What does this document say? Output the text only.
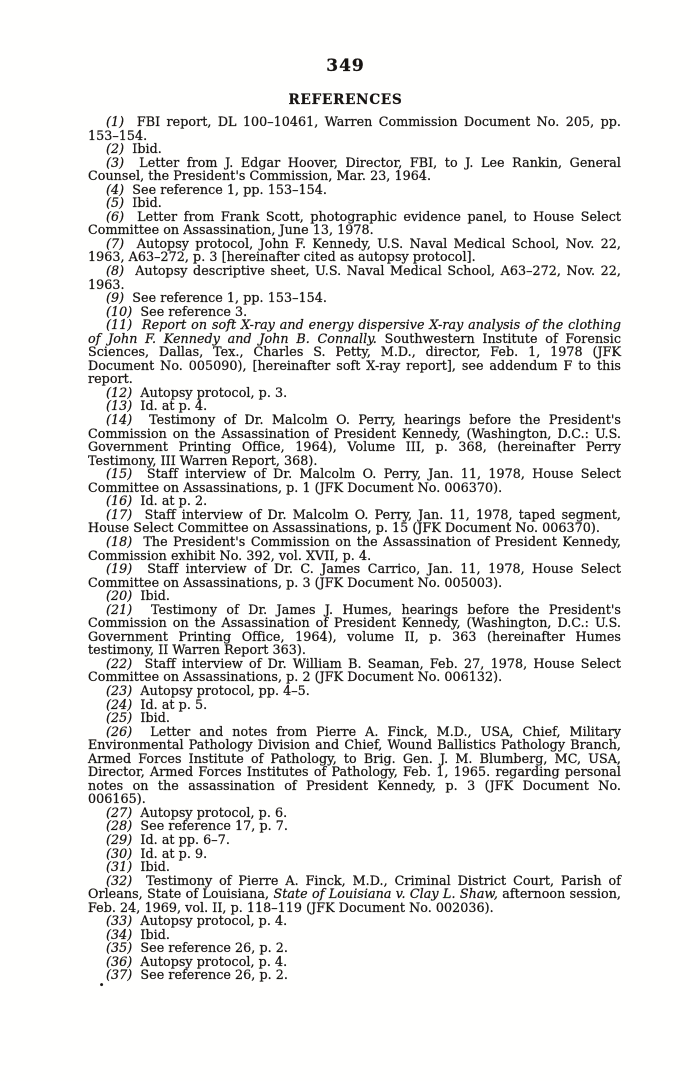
349
REFERENCES

(1) FBI report, DL 100–10461, Warren Commission Document No. 205, pp. 153–154.

(2) Ibid.

(3) Letter from J. Edgar Hoover, Director, FBI, to J. Lee Rankin, General Counsel, the President's Commission, Mar. 23, 1964.

(4) See reference 1, pp. 153–154.

(5) Ibid.

(6) Letter from Frank Scott, photographic evidence panel, to House Select Committee on Assassination, June 13, 1978.

(7) Autopsy protocol, John F. Kennedy, U.S. Naval Medical School, Nov. 22, 1963, A63–272, p. 3 [hereinafter cited as autopsy protocol].

(8) Autopsy descriptive sheet, U.S. Naval Medical School, A63–272, Nov. 22, 1963.

(9) See reference 1, pp. 153–154.

(10) See reference 3.

(11) Report on soft X-ray and energy dispersive X-ray analysis of the clothing of John F. Kennedy and John B. Connally. Southwestern Institute of Forensic Sciences, Dallas, Tex., Charles S. Petty, M.D., director, Feb. 1, 1978 (JFK Document No. 005090), [hereinafter soft X-ray report], see addendum F to this report.

(12) Autopsy protocol, p. 3.

(13) Id. at p. 4.

(14) Testimony of Dr. Malcolm O. Perry, hearings before the President's Commission on the Assassination of President Kennedy, (Washington, D.C.: U.S. Government Printing Office, 1964), Volume III, p. 368, (hereinafter Perry Testimony, III Warren Report, 368).

(15) Staff interview of Dr. Malcolm O. Perry, Jan. 11, 1978, House Select Committee on Assassinations, p. 1 (JFK Document No. 006370).

(16) Id. at p. 2.

(17) Staff interview of Dr. Malcolm O. Perry, Jan. 11, 1978, taped segment, House Select Committee on Assassinations, p. 15 (JFK Document No. 006370).

(18) The President's Commission on the Assassination of President Kennedy, Commission exhibit No. 392, vol. XVII, p. 4.

(19) Staff interview of Dr. C. James Carrico, Jan. 11, 1978, House Select Committee on Assassinations, p. 3 (JFK Document No. 005003).

(20) Ibid.

(21) Testimony of Dr. James J. Humes, hearings before the President's Commission on the Assassination of President Kennedy, (Washington, D.C.: U.S. Government Printing Office, 1964), volume II, p. 363 (hereinafter Humes testimony, II Warren Report 363).

(22) Staff interview of Dr. William B. Seaman, Feb. 27, 1978, House Select Committee on Assassinations, p. 2 (JFK Document No. 006132).

(23) Autopsy protocol, pp. 4–5.

(24) Id. at p. 5.

(25) Ibid.

(26) Letter and notes from Pierre A. Finck, M.D., USA, Chief, Military Environmental Pathology Division and Chief, Wound Ballistics Pathology Branch, Armed Forces Institute of Pathology, to Brig. Gen. J. M. Blumberg, MC, USA, Director, Armed Forces Institutes of Pathology, Feb. 1, 1965. regarding personal notes on the assassination of President Kennedy, p. 3 (JFK Document No. 006165).

(27) Autopsy protocol, p. 6.

(28) See reference 17, p. 7.

(29) Id. at pp. 6–7.

(30) Id. at p. 9.

(31) Ibid.

(32) Testimony of Pierre A. Finck, M.D., Criminal District Court, Parish of Orleans, State of Louisiana, State of Louisiana v. Clay L. Shaw, afternoon session, Feb. 24, 1969, vol. II, p. 118–119 (JFK Document No. 002036).

(33) Autopsy protocol, p. 4.

(34) Ibid.

(35) See reference 26, p. 2.

(36) Autopsy protocol, p. 4.

(37) See reference 26, p. 2.

.
